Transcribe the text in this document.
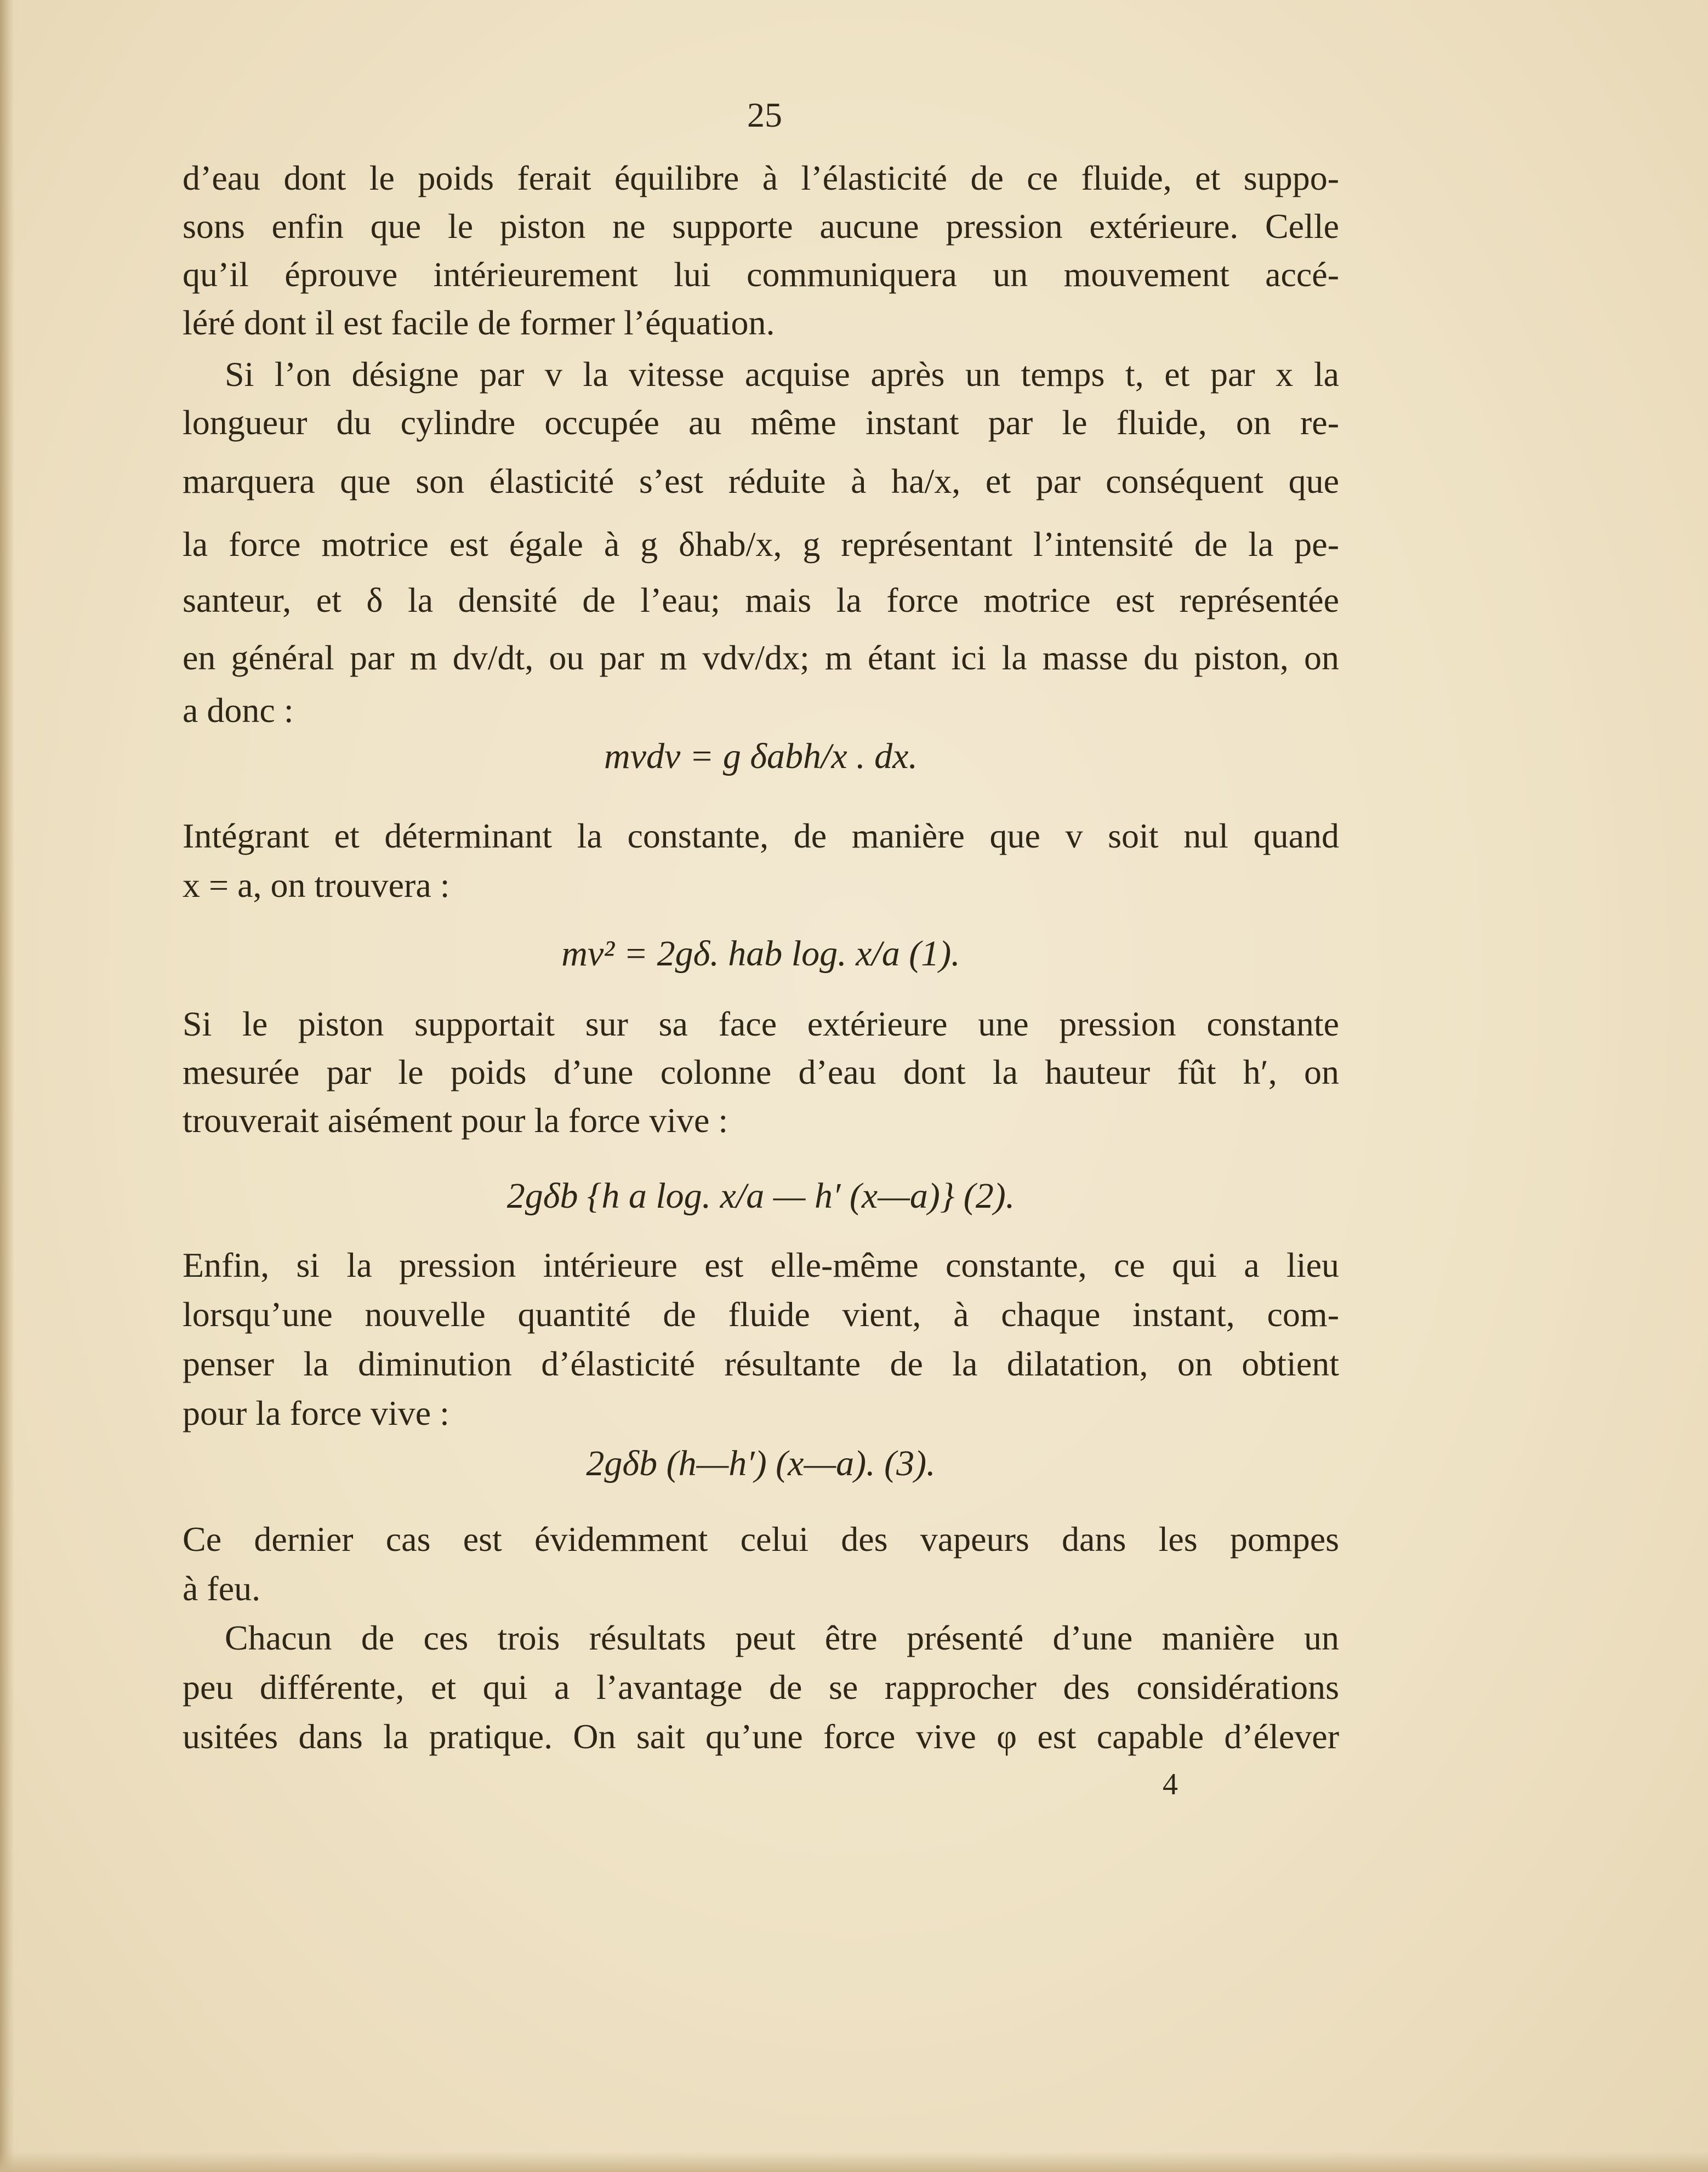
25
d’eau dont le poids ferait équilibre à l’élasticité de ce fluide, et suppo-
sons enfin que le piston ne supporte aucune pression extérieure. Celle
qu’il éprouve intérieurement lui communiquera un mouvement accé-
léré dont il est facile de former l’équation.
Si l’on désigne par v la vitesse acquise après un temps t, et par x la
longueur du cylindre occupée au même instant par le fluide, on re-
marquera que son élasticité s’est réduite à ha/x, et par conséquent que
la force motrice est égale à g δhab/x, g représentant l’intensité de la pe-
santeur, et δ la densité de l’eau; mais la force motrice est représentée
en général par m dv/dt, ou par m vdv/dx; m étant ici la masse du piston, on
a donc :
mvdv = g δabh/x . dx.
Intégrant et déterminant la constante, de manière que v soit nul quand
x = a, on trouvera :
mv² = 2gδ. hab log. x/a (1).
Si le piston supportait sur sa face extérieure une pression constante
mesurée par le poids d’une colonne d’eau dont la hauteur fût h′, on
trouverait aisément pour la force vive :
2gδb {h a log. x/a — h′ (x—a)} (2).
Enfin, si la pression intérieure est elle-même constante, ce qui a lieu
lorsqu’une nouvelle quantité de fluide vient, à chaque instant, com-
penser la diminution d’élasticité résultante de la dilatation, on obtient
pour la force vive :
2gδb (h—h′) (x—a). (3).
Ce dernier cas est évidemment celui des vapeurs dans les pompes
à feu.
Chacun de ces trois résultats peut être présenté d’une manière un
peu différente, et qui a l’avantage de se rapprocher des considérations
usitées dans la pratique. On sait qu’une force vive φ est capable d’élever
4
